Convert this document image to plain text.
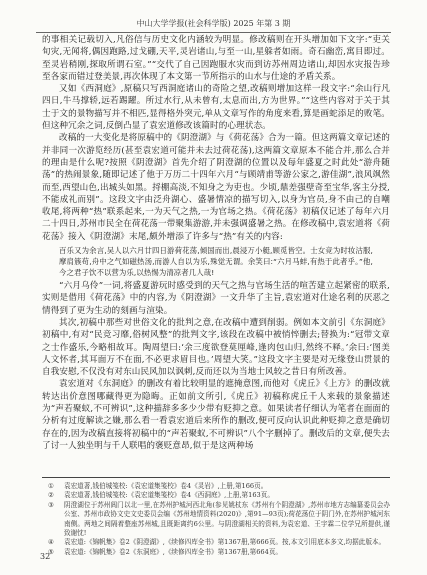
中山大学学报(社会科学版) 2025 年第 3 期

的事相关记载切入,凡俗信与历史文化内涵较为明显。修改稿则在开头增加如下文字:“吏关旬灾,无闻将,偶因跑路,过戈硼,天平,灵岩诸山,与至一山,星躲者如雨。奇石幽峦,寓目即过。至灵岩稍刚,探取所谓石室。”“交代了自己因跑服水灾而到访苏州周边诸山,却因水灾报告珍至各家而错过登美景,再次体现了本文第一节所指示的山水与仕途的矛盾关系。

又如《西洞庭》,原稿只写西洞庭诸山的奇险之望,改稿则增加这样一段文字:“余山行凡四日,牛马撑轿,远若踢躍。所过水行,从未曾有,太息而出,方为世界。”“这些内容对于关于其士于文的景物描写并不相匹,显得格外突元,单从文章写作的角度来看,算是画蛇添足的败笔。但这种冗余之词,反倒凸显了袁宏道修改该篇时的心理状态。

改稿的一大变化是将原稿中的《阴澄湖》与《荷花荡》合为一篇。但这两篇文章记述的并非同一次游览经历(甚至袁宏道可能并未去过荷花荡),这两篇文章原本不能合并,那么合并的理由是什么呢?按照《阴澄湖》首先介绍了阴澄湖的位置以及每年盛夏之时此处“游舟随荡”的热闹景象,随即记述了他于万历二十四年六月“与顾靖甫等游公家之,游佳湖”,浪风飒然而至,西望山色,出城头如黑。捋棚高淡,不知身之为吏也。少顷,鼎差强壁奇至宝华,客主分授,不能成礼而别”。这段文字由泛舟湖心、盛暑情凉的描写切入,以身为官员,身不由己的自嘲收尾,将两种“热”联系起来,一为天气之热,一为官场之热。《荷花荡》初稿仅记述了每年六月二十四日,苏州市民全在荷花荡一带聚集游游,并未强调盛暑之热。在修改稿中,袁宏道将《荷花荡》接入《阴澄湖》末尾,颇外增添了许多与“热”有关的内容:

百乐又为余言,吴人以六月廿四日游荷花荡,倾国而出,晨浸万小艇,顾觅皆空。士女竞为时妆沽服,摩肩簇苟,舟中之气如磁热汤,而游人自以为乐,殊觉无谓。余笑曰:“六月马蚌,有热于此者乎。”他,今之君子饮不以营为乐,以热惕为清凉者几人哉!

“六月乌伶”一词,将盛夏游玩时感受到的天气之热与官场生活的喧苦建立起紧密的联系,实则是借用《荷花荡》中的内容,为《阴澄湖》一文升华了主旨,袁宏道对仕途名利的厌恶之情得到了更为生动的刻画与渲染。

其次,初稿中那些对世俗文化的批判之意,在改稿中遭到削弱。例如本文前引《东洞庭》初稿中,有对“民竞习靡,俗树风整”的批判文字,该段在改稿中被悄悴删去;替换为:“冠带文章之士作盛乐,今略相故耳。陶周望曰:‘余三度欲登莫厘峰,逢肉包山归,然终不释。’余曰:‘图美人文怀者,其耳面万不在面,不必更求眉目也。’周望大笑。”这段文字主要是对无缘登山贯景的自我安慰,不仅没有对东山民风加以讽刺,反而还以为当地士风较之昔日有所改善。

袁宏道对《东洞庭》的删改有着比较明显的遮掩意图,而他对《虎丘》《上方》的删改就转达出价意图哪藏得更为隐晦。正如前文所引,《虎丘》初稿称虎丘千人来载的景象描述为“声若聚蚁,不可辨识”,这种描辞多多少少带有贬抑之意。如果读者仔细认为笔者在面面的分析有过度解读之嫌,那么看一看袁宏道后来所作的删改,便可反向认识此种贬抑之意是确切存在的,因为改稿直接将初稿中的“声若聚蚁,不可辨识”八个字删掉了。删改后的文章,便失去了讨一人独坐明与千人联唱的褒贬意昂,似于是这两种场

①	袁宏道著,钱伯城笺校:《袁宏道集笺校》卷4《灵岩》,上册,第166页。
②	袁宏道著,钱伯城笺校:《袁宏道集笺校》卷4《西洞庭》,上册,第163页。
③	阴澄湖位于苏州阊门以北一里,在苏州护城河西北角(参见姚杖东《苏州有个阴澄湖》,苏州市地方志编纂委员会办公室、苏州市政协文史文史委员会编《苏州地情资料(2020)》,第91—93页);荷花荡位于阴门外,在苏州护城河东南侧。两地之间隔着整座苏州城,且既距离约6公里。与阴澄湖相关的资料,为袁宏道、王宇霖二位学兄所提供,谨致谢忱!
④	袁宏道:《锦帆集》卷2《阴澄湖》,《续修四库全书》第1367册,第666页。按,本文引用底本多文,均据此版本。
⑤	袁宏道:《锦帆集》卷2《东洞庭》,《续修四库全书》第1367册,第664页。
32
